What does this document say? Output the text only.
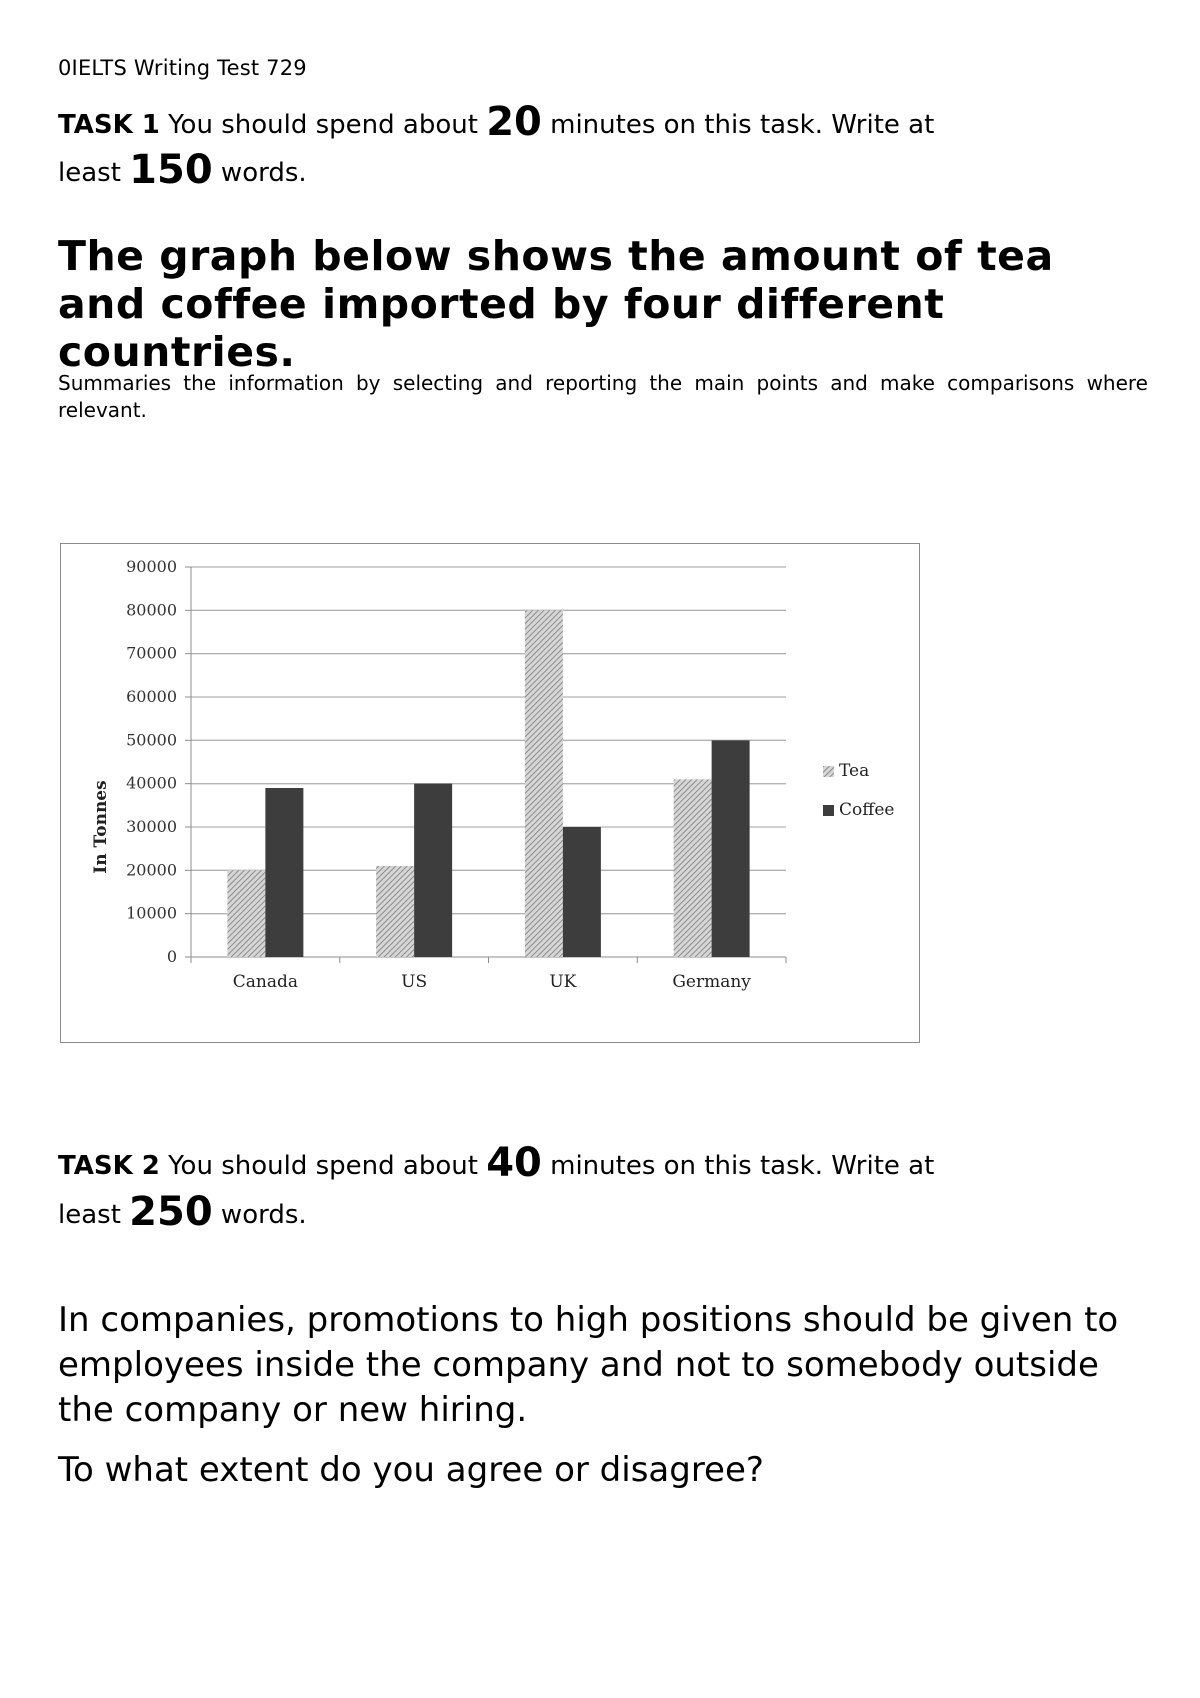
0IELTS Writing Test 729
TASK 1 You should spend about 20 minutes on this task. Write at
least 150 words.
The graph below shows the amount of tea and coffee imported by four different countries.
Summaries the information by selecting and reporting the main points and make comparisons where relevant.
0
10000
20000
30000
40000
50000
60000
70000
80000
90000
In Tonnes
Canada	US	UK	Germany
Tea
Coffee
TASK 2 You should spend about 40 minutes on this task. Write at
least 250 words.
In companies, promotions to high positions should be given to employees inside the company and not to somebody outside the company or new hiring.
To what extent do you agree or disagree?
